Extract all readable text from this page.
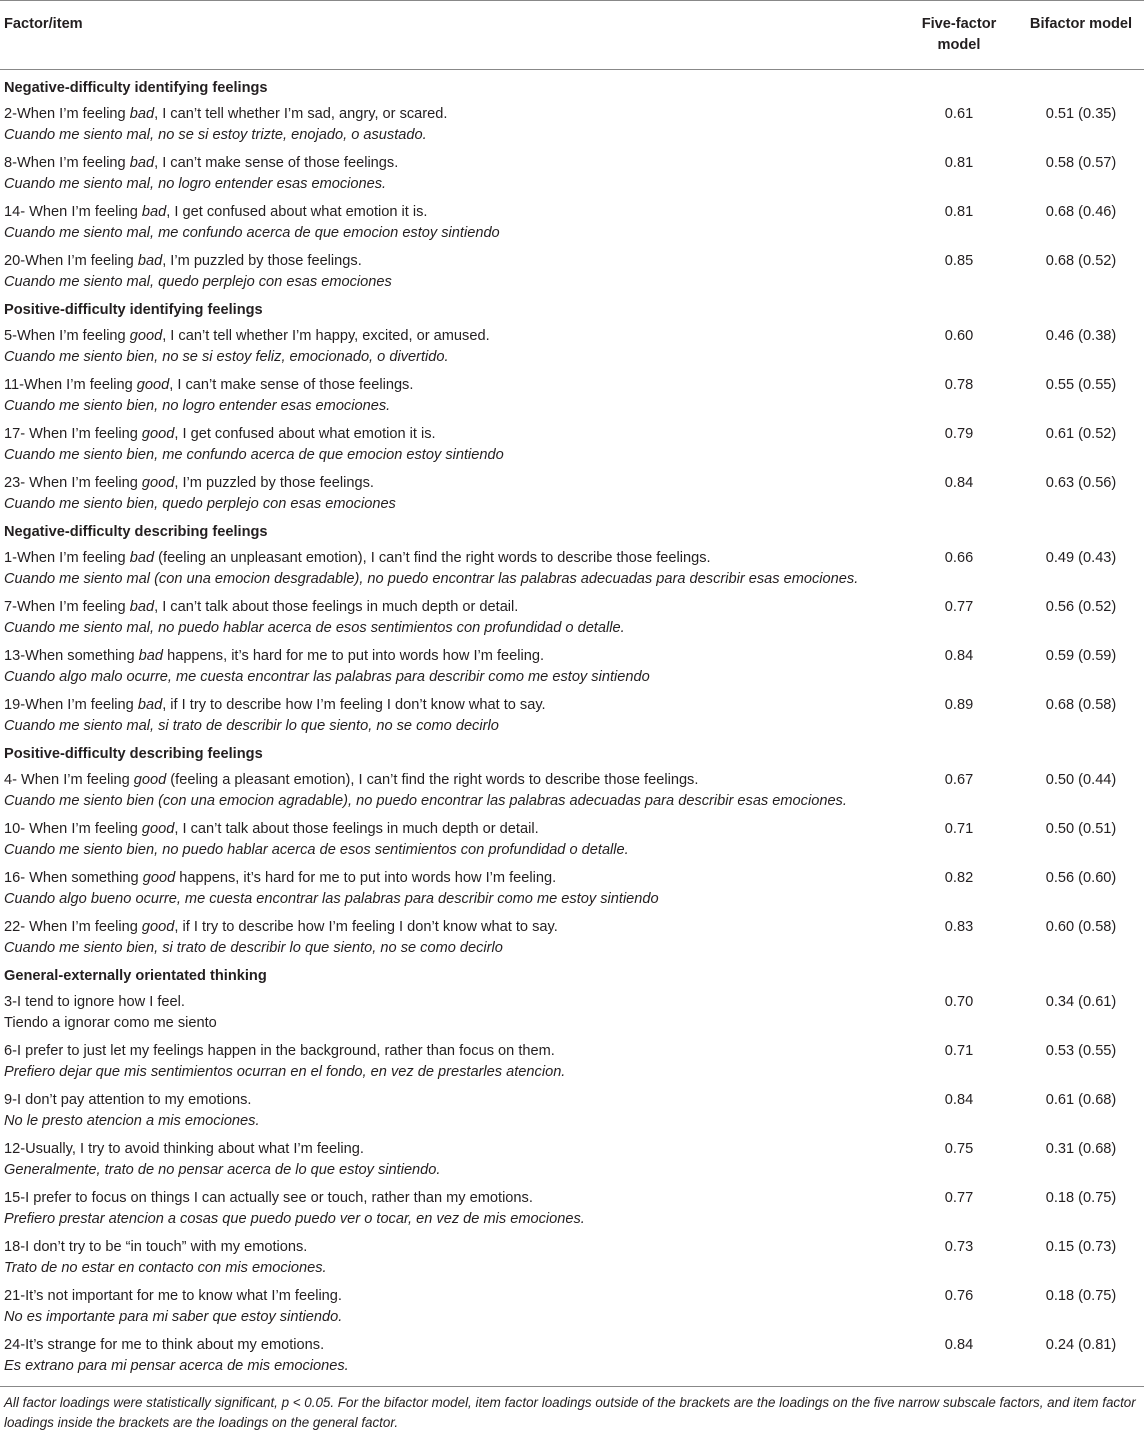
Factor/item	Five-factor model	Bifactor model
Negative-difficulty identifying feelings		

2-When I’m feeling bad, I can’t tell whether I’m sad, angry, or scared.
Cuando me siento mal, no se si estoy trizte, enojado, o asustado.	0.61	0.51 (0.35)

8-When I’m feeling bad, I can’t make sense of those feelings.
Cuando me siento mal, no logro entender esas emociones.	0.81	0.58 (0.57)

14- When I’m feeling bad, I get confused about what emotion it is.
Cuando me siento mal, me confundo acerca de que emocion estoy sintiendo	0.81	0.68 (0.46)

20-When I’m feeling bad, I’m puzzled by those feelings.
Cuando me siento mal, quedo perplejo con esas emociones	0.85	0.68 (0.52)
Positive-difficulty identifying feelings		

5-When I’m feeling good, I can’t tell whether I’m happy, excited, or amused.
Cuando me siento bien, no se si estoy feliz, emocionado, o divertido.	0.60	0.46 (0.38)

11-When I’m feeling good, I can’t make sense of those feelings.
Cuando me siento bien, no logro entender esas emociones.	0.78	0.55 (0.55)

17- When I’m feeling good, I get confused about what emotion it is.
Cuando me siento bien, me confundo acerca de que emocion estoy sintiendo	0.79	0.61 (0.52)

23- When I’m feeling good, I’m puzzled by those feelings.
Cuando me siento bien, quedo perplejo con esas emociones	0.84	0.63 (0.56)
Negative-difficulty describing feelings		

1-When I’m feeling bad (feeling an unpleasant emotion), I can’t find the right words to describe those feelings.
Cuando me siento mal (con una emocion desgradable), no puedo encontrar las palabras adecuadas para describir esas emociones.	0.66	0.49 (0.43)

7-When I’m feeling bad, I can’t talk about those feelings in much depth or detail.
Cuando me siento mal, no puedo hablar acerca de esos sentimientos con profundidad o detalle.	0.77	0.56 (0.52)

13-When something bad happens, it’s hard for me to put into words how I’m feeling.
Cuando algo malo ocurre, me cuesta encontrar las palabras para describir como me estoy sintiendo	0.84	0.59 (0.59)

19-When I’m feeling bad, if I try to describe how I’m feeling I don’t know what to say.
Cuando me siento mal, si trato de describir lo que siento, no se como decirlo	0.89	0.68 (0.58)
Positive-difficulty describing feelings		

4- When I’m feeling good (feeling a pleasant emotion), I can’t find the right words to describe those feelings.
Cuando me siento bien (con una emocion agradable), no puedo encontrar las palabras adecuadas para describir esas emociones.	0.67	0.50 (0.44)

10- When I’m feeling good, I can’t talk about those feelings in much depth or detail.
Cuando me siento bien, no puedo hablar acerca de esos sentimientos con profundidad o detalle.	0.71	0.50 (0.51)

16- When something good happens, it’s hard for me to put into words how I’m feeling.
Cuando algo bueno ocurre, me cuesta encontrar las palabras para describir como me estoy sintiendo	0.82	0.56 (0.60)

22- When I’m feeling good, if I try to describe how I’m feeling I don’t know what to say.
Cuando me siento bien, si trato de describir lo que siento, no se como decirlo	0.83	0.60 (0.58)
General-externally orientated thinking		

3-I tend to ignore how I feel.
Tiendo a ignorar como me siento	0.70	0.34 (0.61)

6-I prefer to just let my feelings happen in the background, rather than focus on them.
Prefiero dejar que mis sentimientos ocurran en el fondo, en vez de prestarles atencion.	0.71	0.53 (0.55)

9-I don’t pay attention to my emotions.
No le presto atencion a mis emociones.	0.84	0.61 (0.68)

12-Usually, I try to avoid thinking about what I’m feeling.
Generalmente, trato de no pensar acerca de lo que estoy sintiendo.	0.75	0.31 (0.68)

15-I prefer to focus on things I can actually see or touch, rather than my emotions.
Prefiero prestar atencion a cosas que puedo puedo ver o tocar, en vez de mis emociones.	0.77	0.18 (0.75)

18-I don’t try to be “in touch” with my emotions.
Trato de no estar en contacto con mis emociones.	0.73	0.15 (0.73)

21-It’s not important for me to know what I’m feeling.
No es importante para mi saber que estoy sintiendo.	0.76	0.18 (0.75)

24-It’s strange for me to think about my emotions.
Es extrano para mi pensar acerca de mis emociones.	0.84	0.24 (0.81)
All factor loadings were statistically significant, p < 0.05. For the bifactor model, item factor loadings outside of the brackets are the loadings on the five narrow subscale factors, and item factor loadings inside the brackets are the loadings on the general factor.
